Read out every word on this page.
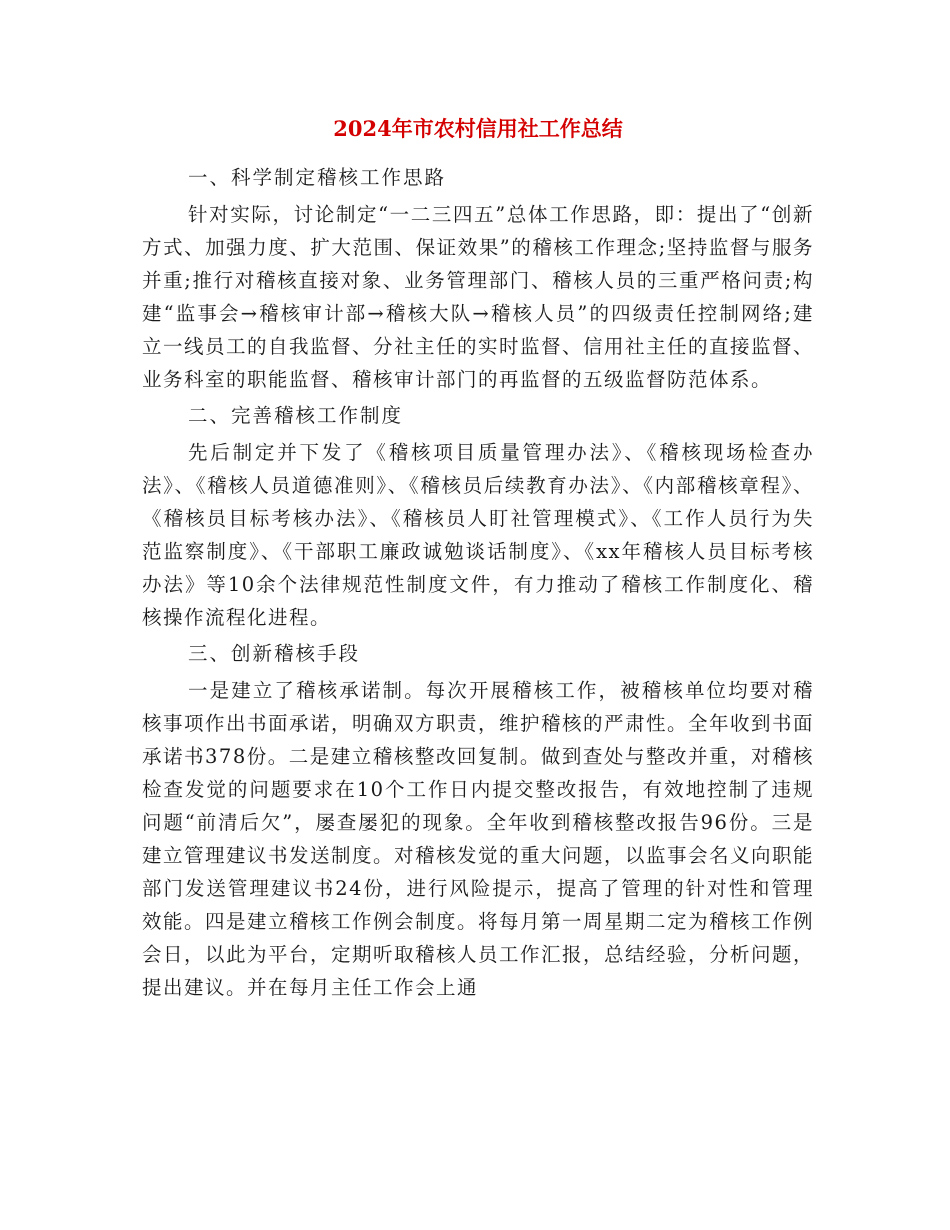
2024年市农村信用社工作总结
一、科学制定稽核工作思路

针对实际，讨论制定“一二三四五”总体工作思路，即：提出了“创新方式、加强力度、扩大范围、保证效果”的稽核工作理念;坚持监督与服务并重;推行对稽核直接对象、业务管理部门、稽核人员的三重严格问责;构建“监事会→稽核审计部→稽核大队→稽核人员”的四级责任控制网络;建立一线员工的自我监督、分社主任的实时监督、信用社主任的直接监督、业务科室的职能监督、稽核审计部门的再监督的五级监督防范体系。

二、完善稽核工作制度

先后制定并下发了《稽核项目质量管理办法》、《稽核现场检查办法》、《稽核人员道德准则》、《稽核员后续教育办法》、《内部稽核章程》、《稽核员目标考核办法》、《稽核员人盯社管理模式》、《工作人员行为失范监察制度》、《干部职工廉政诚勉谈话制度》、《xx年稽核人员目标考核办法》等10余个法律规范性制度文件，有力推动了稽核工作制度化、稽核操作流程化进程。

三、创新稽核手段

一是建立了稽核承诺制。每次开展稽核工作，被稽核单位均要对稽核事项作出书面承诺，明确双方职责，维护稽核的严肃性。全年收到书面承诺书378份。二是建立稽核整改回复制。做到查处与整改并重，对稽核检查发觉的问题要求在10个工作日内提交整改报告，有效地控制了违规问题“前清后欠”，屡查屡犯的现象。全年收到稽核整改报告96份。三是建立管理建议书发送制度。对稽核发觉的重大问题，以监事会名义向职能部门发送管理建议书24份，进行风险提示，提高了管理的针对性和管理效能。四是建立稽核工作例会制度。将每月第一周星期二定为稽核工作例会日，以此为平台，定期听取稽核人员工作汇报，总结经验，分析问题，提出建议。并在每月主任工作会上通
